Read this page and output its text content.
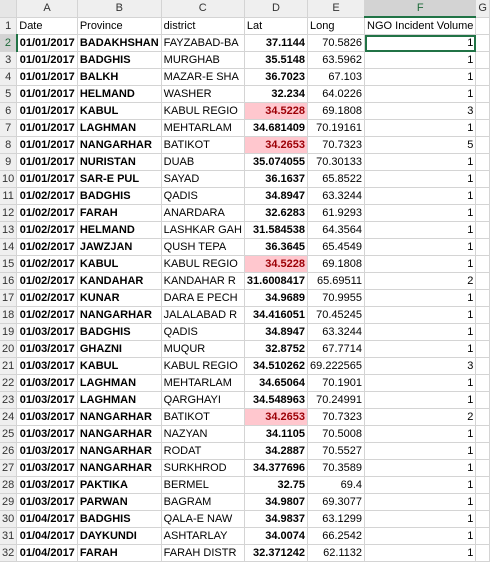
	A	B	C	D	E	F	G
1	Date	Province	district	Lat	Long	NGO Incident Volume	
2	01/01/2017	BADAKHSHAN	FAYZABAD-BA	37.1144	70.5826	1	
3	01/01/2017	BADGHIS	MURGHAB	35.5148	63.5962	1	
4	01/01/2017	BALKH	MAZAR-E SHA	36.7023	67.103	1	
5	01/01/2017	HELMAND	WASHER	32.234	64.0226	1	
6	01/01/2017	KABUL	KABUL REGIO	34.5228	69.1808	3	
7	01/01/2017	LAGHMAN	MEHTARLAM	34.681409	70.19161	1	
8	01/01/2017	NANGARHAR	BATIKOT	34.2653	70.7323	5	
9	01/01/2017	NURISTAN	DUAB	35.074055	70.30133	1	
10	01/01/2017	SAR-E PUL	SAYAD	36.1637	65.8522	1	
11	01/02/2017	BADGHIS	QADIS	34.8947	63.3244	1	
12	01/02/2017	FARAH	ANARDARA	32.6283	61.9293	1	
13	01/02/2017	HELMAND	LASHKAR GAH	31.584538	64.3564	1	
14	01/02/2017	JAWZJAN	QUSH TEPA	36.3645	65.4549	1	
15	01/02/2017	KABUL	KABUL REGIO	34.5228	69.1808	1	
16	01/02/2017	KANDAHAR	KANDAHAR R	31.6008417	65.69511	2	
17	01/02/2017	KUNAR	DARA E PECH	34.9689	70.9955	1	
18	01/02/2017	NANGARHAR	JALALABAD R	34.416051	70.45245	1	
19	01/03/2017	BADGHIS	QADIS	34.8947	63.3244	1	
20	01/03/2017	GHAZNI	MUQUR	32.8752	67.7714	1	
21	01/03/2017	KABUL	KABUL REGIO	34.510262	69.222565	3	
22	01/03/2017	LAGHMAN	MEHTARLAM	34.65064	70.1901	1	
23	01/03/2017	LAGHMAN	QARGHAYI	34.548963	70.24991	1	
24	01/03/2017	NANGARHAR	BATIKOT	34.2653	70.7323	2	
25	01/03/2017	NANGARHAR	NAZYAN	34.1105	70.5008	1	
26	01/03/2017	NANGARHAR	RODAT	34.2887	70.5527	1	
27	01/03/2017	NANGARHAR	SURKHROD	34.377696	70.3589	1	
28	01/03/2017	PAKTIKA	BERMEL	32.75	69.4	1	
29	01/03/2017	PARWAN	BAGRAM	34.9807	69.3077	1	
30	01/04/2017	BADGHIS	QALA-E NAW	34.9837	63.1299	1	
31	01/04/2017	DAYKUNDI	ASHTARLAY	34.0074	66.2542	1	
32	01/04/2017	FARAH	FARAH DISTR	32.371242	62.1132	1	
